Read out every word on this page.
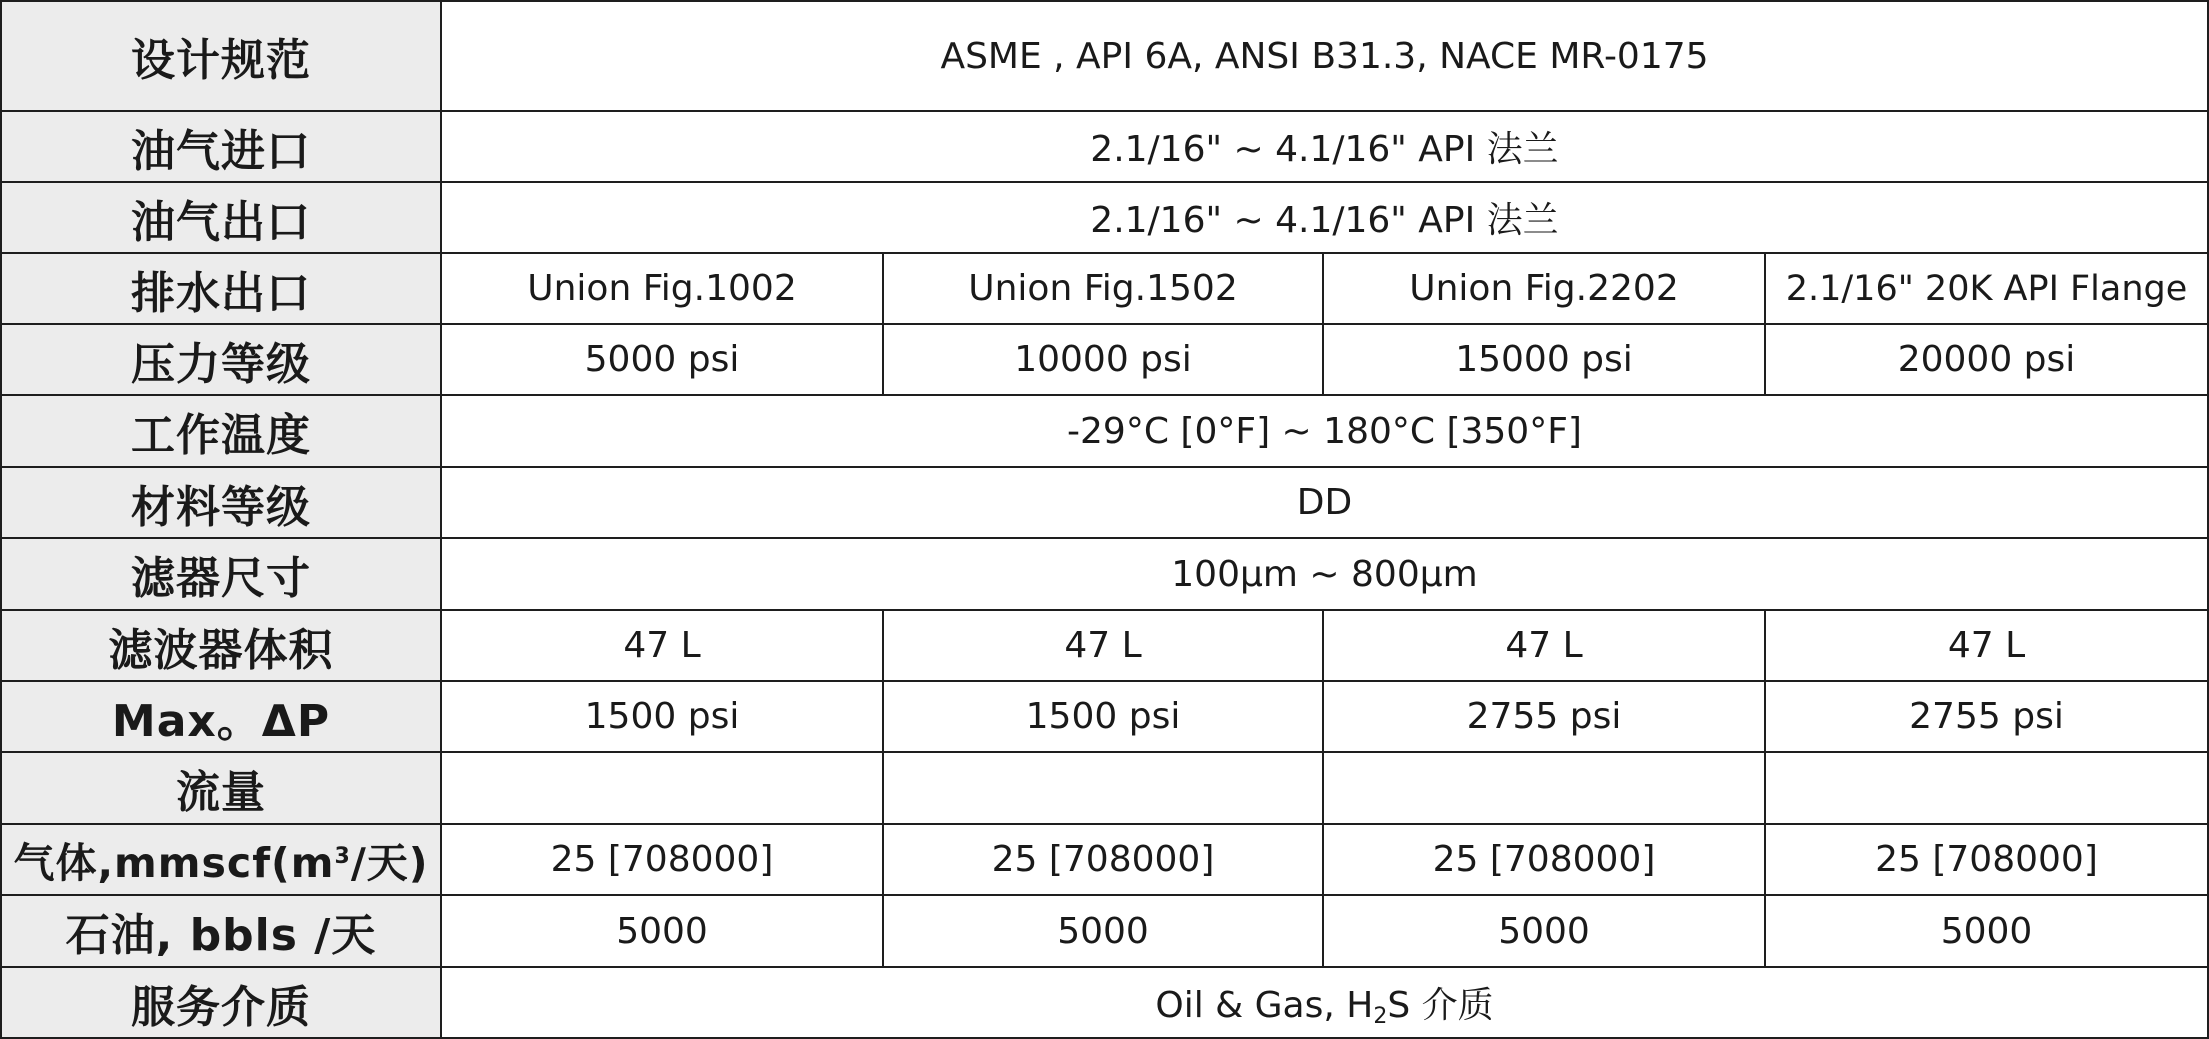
设计规范	ASME , API 6A, ANSI B31.3, NACE MR-0175			
油气进口	2.1/16" ~ 4.1/16" API 法兰			
油气出口	2.1/16" ~ 4.1/16" API 法兰			
排水出口	Union Fig.1002	Union Fig.1502	Union Fig.2202	2.1/16" 20K API Flange
压力等级	5000 psi	10000 psi	15000 psi	20000 psi
工作温度	-29°C [0°F] ~ 180°C [350°F]			
材料等级	DD			
滤器尺寸	100μm ~ 800μm			
滤波器体积	47 L	47 L	47 L	47 L
Max。ΔP	1500 psi	1500 psi	2755 psi	2755 psi
流量				
气体$,mmscf(m^3/$天)	25 [708000]	25 [708000]	25 [708000]	25 [708000]
石油, bbls /天	5000	5000	5000	5000
服务介质	Oil & Gas, $H_2S$ 介质			
